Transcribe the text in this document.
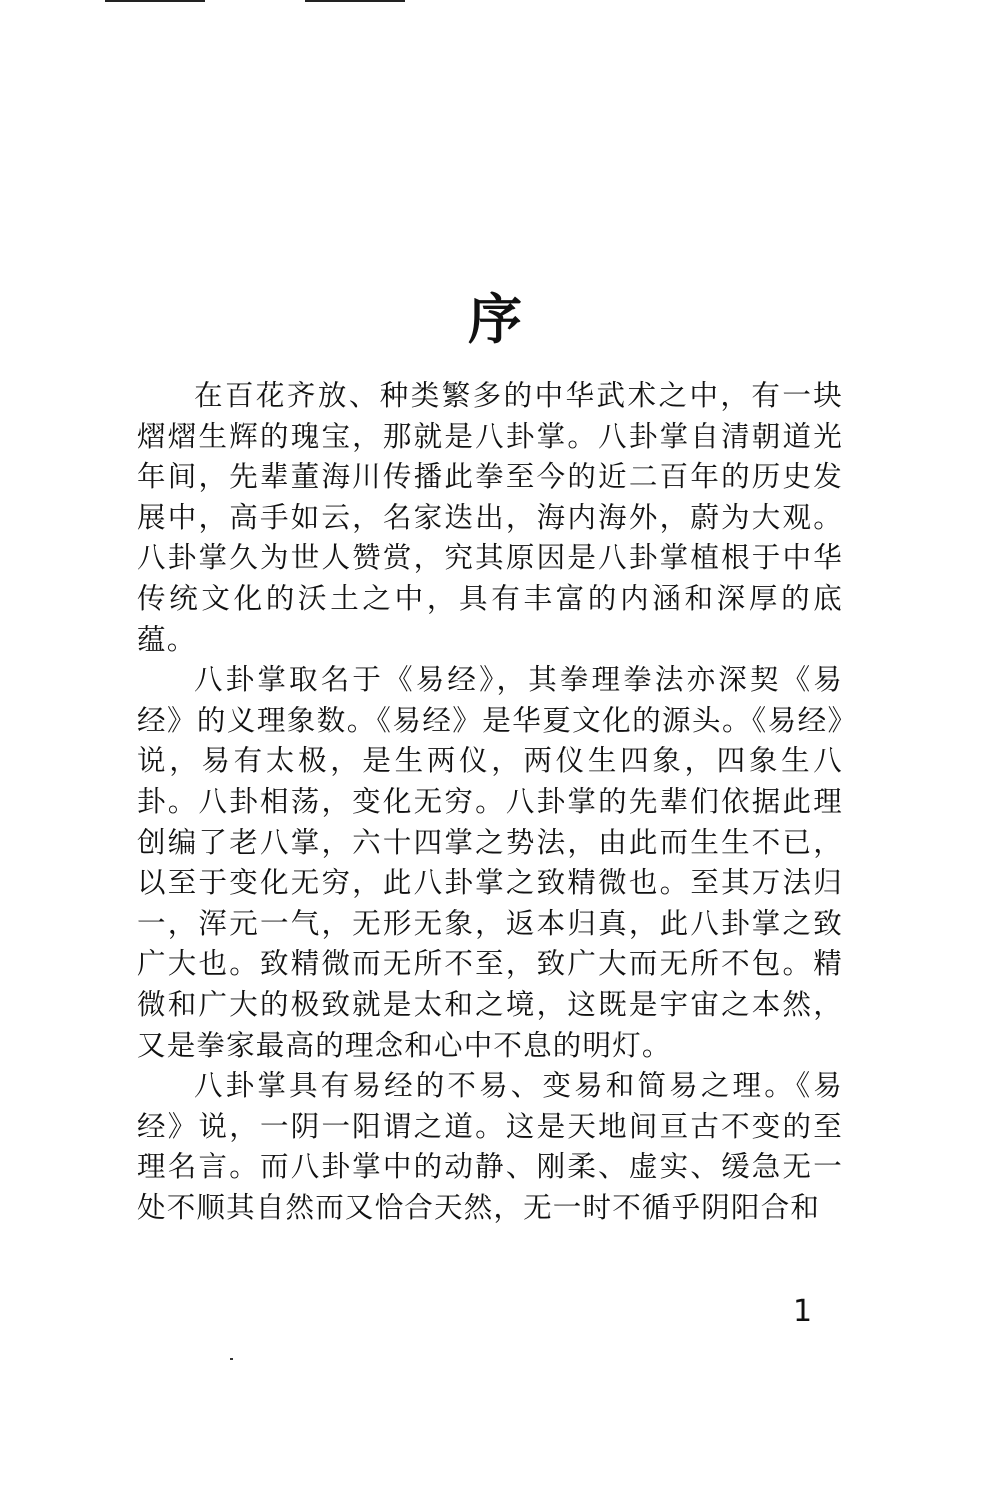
序

在百花齐放、种类繁多的中华武术之中，有一块熠熠生辉的瑰宝，那就是八卦掌。八卦掌自清朝道光年间，先辈董海川传播此拳至今的近二百年的历史发展中，高手如云，名家迭出，海内海外，蔚为大观。八卦掌久为世人赞赏，究其原因是八卦掌植根于中华传统文化的沃土之中，具有丰富的内涵和深厚的底蕴。

八卦掌取名于《易经》，其拳理拳法亦深契《易经》的义理象数。《易经》是华夏文化的源头。《易经》说，易有太极，是生两仪，两仪生四象，四象生八卦。八卦相荡，变化无穷。八卦掌的先辈们依据此理创编了老八掌，六十四掌之势法，由此而生生不已，以至于变化无穷，此八卦掌之致精微也。至其万法归一，浑元一气，无形无象，返本归真，此八卦掌之致广大也。致精微而无所不至，致广大而无所不包。精微和广大的极致就是太和之境，这既是宇宙之本然，又是拳家最高的理念和心中不息的明灯。

八卦掌具有易经的不易、变易和简易之理。《易经》说，一阴一阳谓之道。这是天地间亘古不变的至理名言。而八卦掌中的动静、刚柔、虚实、缓急无一处不顺其自然而又恰合天然，无一时不循乎阴阳合和

1
